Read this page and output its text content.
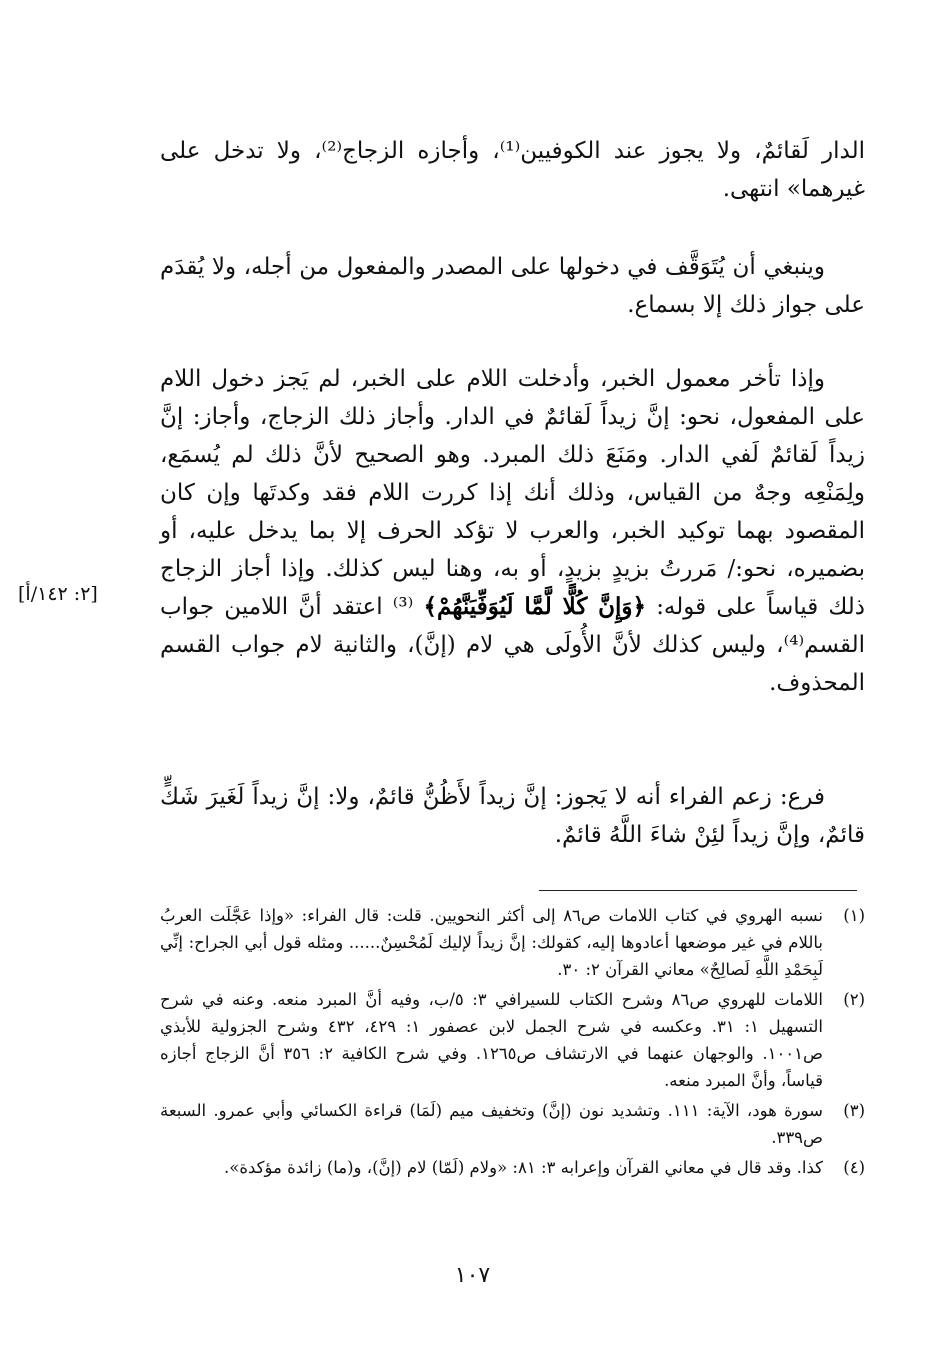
الدار لَقائمٌ، ولا يجوز عند الكوفيين⁽¹⁾، وأجازه الزجاج⁽²⁾، ولا تدخل على غيرهما» انتهى.
وينبغي أن يُتَوَقَّف في دخولها على المصدر والمفعول من أجله، ولا يُقدَم على جواز ذلك إلا بسماع.
وإذا تأخر معمول الخبر، وأدخلت اللام على الخبر، لم يَجز دخول اللام على المفعول، نحو: إنَّ زيداً لَقائمٌ في الدار. وأجاز ذلك الزجاج، وأجاز: إنَّ زيداً لَقائمٌ لَفي الدار. ومَنَعَ ذلك المبرد. وهو الصحيح لأنَّ ذلك لم يُسمَع، ولِمَنْعِه وجهٌ من القياس، وذلك أنك إذا كررت اللام فقد وكدتَها وإن كان المقصود بهما توكيد الخبر، والعرب لا تؤكد الحرف إلا بما يدخل عليه، أو بضميره، نحو:/ مَررتُ بزيدٍ بزيدٍ، أو به، وهنا ليس كذلك. وإذا أجاز الزجاج ذلك قياساً على قوله: ﴿وَإِنَّ كُلًّا لَّمَّا لَيُوَفِّيَنَّهُمْ﴾ ⁽³⁾ اعتقد أنَّ اللامين جواب القسم⁽⁴⁾، وليس كذلك لأنَّ الأُولَى هي لام (إنَّ)، والثانية لام جواب القسم المحذوف.
[٢: ١٤٢/أ]
فرع: زعم الفراء أنه لا يَجوز: إنَّ زيداً لأَظُنُّ قائمٌ، ولا: إنَّ زيداً لَغَيرَ شَكٍّ قائمٌ، وإنَّ زيداً لئِنْ شاءَ اللَّهُ قائمٌ.
(١)
نسبه الهروي في كتاب اللامات ص٨٦ إلى أكثر النحويين. قلت: قال الفراء: «وإذا عَجَّلَت العربُ باللام في غير موضعها أعادوها إليه، كقولك: إنَّ زيداً لإليك لَمُحْسِنٌ...... ومثله قول أبي الجراح: إنِّي لَبِحَمْدِ اللَّهِ لَصالِحٌ» معاني القرآن ٢: ٣٠.
(٢)
اللامات للهروي ص٨٦ وشرح الكتاب للسيرافي ٣: ٥/ب، وفيه أنَّ المبرد منعه. وعنه في شرح التسهيل ١: ٣١. وعكسه في شرح الجمل لابن عصفور ١: ٤٢٩، ٤٣٢ وشرح الجزولية للأبذي ص١٠٠١. والوجهان عنهما في الارتشاف ص١٢٦٥. وفي شرح الكافية ٢: ٣٥٦ أنَّ الزجاج أجازه قياساً، وأنَّ المبرد منعه.
(٣)
سورة هود، الآية: ١١١. وتشديد نون (إنَّ) وتخفيف ميم (لَمَا) قراءة الكسائي وأبي عمرو. السبعة ص٣٣٩.
(٤)
كذا. وقد قال في معاني القرآن وإعرابه ٣: ٨١: «ولام (لَمّا) لام (إنَّ)، و(ما) زائدة مؤكدة».
١٠٧
